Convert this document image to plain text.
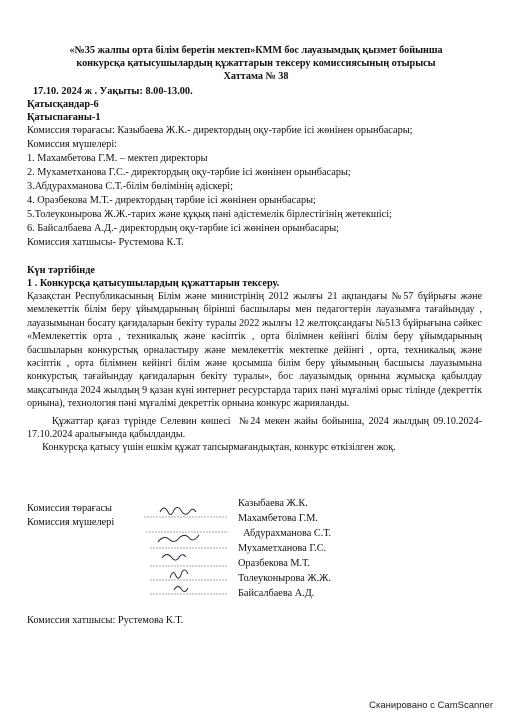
«№35 жалпы орта білім беретін мектеп»КММ бос лауазымдық қызмет бойынша
конкурсқа қатысушылардың құжаттарын тексеру комиссиясының отырысы
Хаттама № 38
17.10. 2024 ж . Уақыты: 8.00-13.00.
Қатысқандар-6
Қатыспағаны-1
Комиссия төрағасы: Казыбаева Ж.К.- директордың оқу-тәрбие ісі жөнінен орынбасары;
Комиссия мүшелері:
1. Махамбетова Г.М. – мектеп директоры
2. Мухаметханова Г.С.- директордың оқу-тәрбие ісі жөнінен орынбасары;
3.Абдурахманова С.Т.-білім бөлімінің әдіскері;
4. Оразбекова М.Т.- директордың тәрбие ісі жөнінен орынбасары;
5.Толеуконырова Ж.Ж.-тарих және құқық пәні әдістемелік бірлестігінің жетекшісі;
6. Байсалбаева А.Д.- директордың оқу-тәрбие ісі жөнінен орынбасары;
Комиссия хатшысы- Рустемова К.Т.
Күн тәртібінде
1 . Конкурсқа қатысушылардың құжаттарын тексеру.

Қазақстан Республикасының Білім және министрінің 2012 жылғы 21 ақпандағы №57 бұйрығы және мемлекеттік білім беру ұйымдарының бірінші басшылары мен педагогтерін лауазымға тағайындау , лауазымынан босату қағидаларын бекіту туралы 2022 жылғы 12 желтоқсандағы №513 бұйрығына сәйкес «Мемлекеттік орта , техникалық және кәсіптік , орта білімнен кейінгі білім беру ұйымдарының басшыларын конкурстық орналастыру және мемлекеттік мектепке дейінгі , орта, техникалық және кәсіптік , орта білімнен кейінгі білім және қосымша білім беру ұйымының басшысы лауазымына конкурстық тағайындау қағидаларын бекіту туралы», бос лауазымдық орнына жұмысқа қабылдау мақсатында 2024 жылдың 9 қазан күні интернет ресурстарда тарих пәні мұғалімі орыс тілінде (декреттік орнына), технология пәні мұғалімі декреттік орнына конкурс жарияланды.

Құжаттар қағаз түрінде Селевин көшесі  №24 мекен жайы бойынша, 2024 жылдың 09.10.2024- 17.10.2024 аралығында қабылданды.

Конкурсқа қатысу үшін ешкім құжат тапсырмағандықтан, конкурс өткізілген жоқ.

Комиссия төрағасы
Комиссия мүшелері
Казыбаева Ж.К.
Махамбетова Г.М.
Абдурахманова С.Т.
Мухаметханова Г.С.
Оразбекова М.Т.
Толеуконырова Ж.Ж.
Байсалбаева А.Д.
Комиссия хатшысы: Рустемова К.Т.
Сканировано с CamScanner
